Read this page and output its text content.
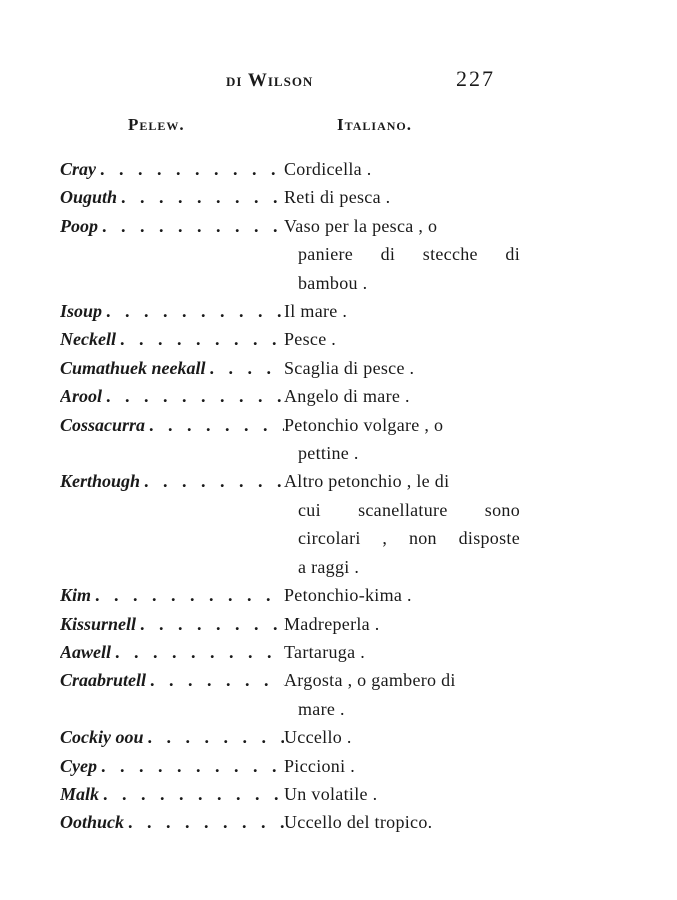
di Wilson	227
Pelew.	Italiano.
Cray . . .	Cordicella .
Ouguth . . .	Reti di pesca .
Poop . . .	Vaso per la pesca , o
paniere di stecche di
bambou .
Isoup . . .	Il mare .
Neckell . . .	Pesce .
Cumathuek neekall . . .	Scaglia di pesce .
Arool . . .	Angelo di mare .
Cossacurra . . .	Petonchio volgare , o
pettine .
Kerthough . . .	Altro petonchio , le di
cui scanellature sono
circolari , non disposte
a raggi .
Kim . . .	Petonchio-kima .
Kissurnell . . .	Madreperla .
Aawell . . .	Tartaruga .
Craabrutell . . .	Argosta , o gambero di
mare .
Cockiy oou . . .	Uccello .
Cyep . . .	Piccioni .
Malk . . .	Un volatile .
Oothuck . . .	Uccello del tropico.
